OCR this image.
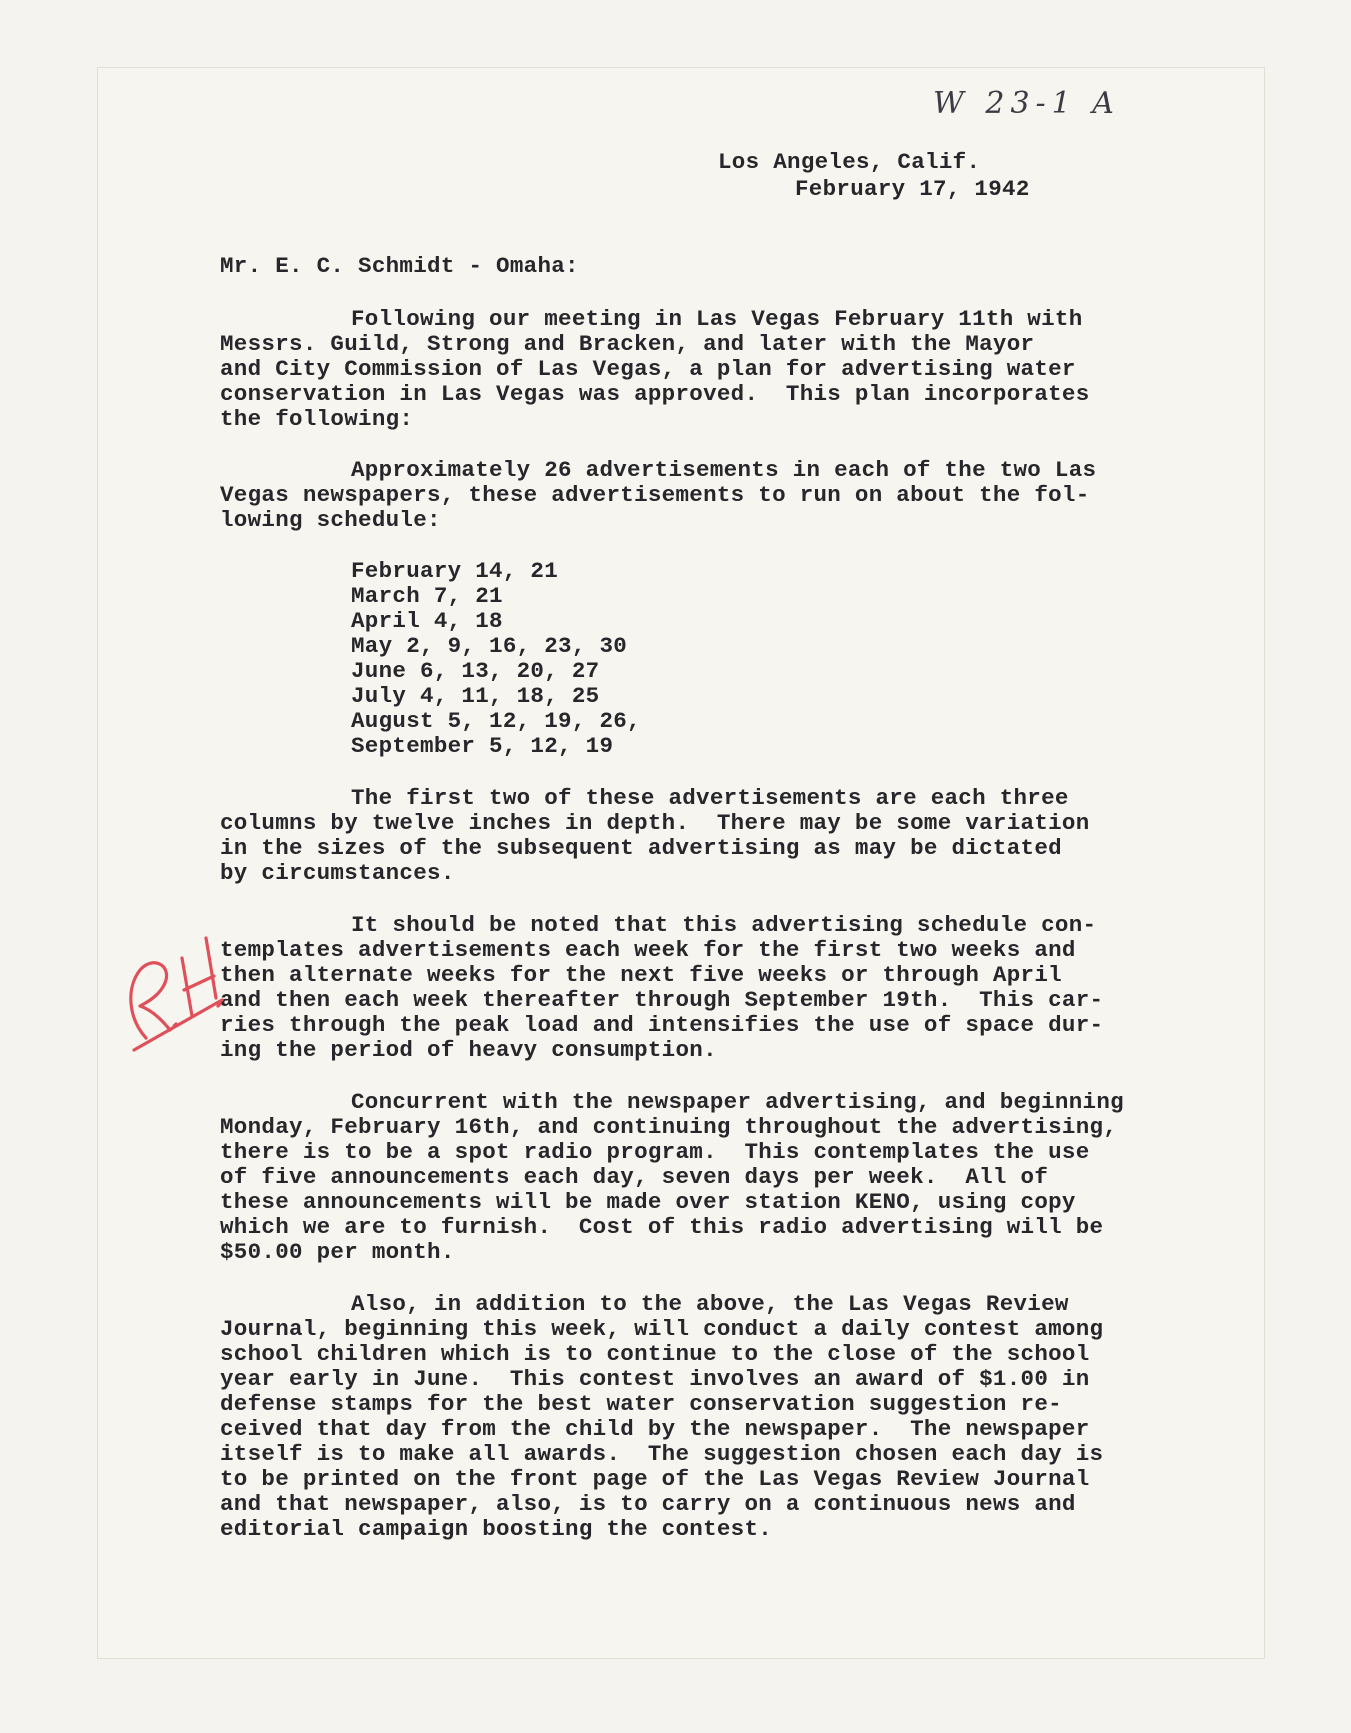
W 23-1 A
Los Angeles, Calif.
February 17, 1942
Mr. E. C. Schmidt - Omaha:
Following our meeting in Las Vegas February 11th with
Messrs. Guild, Strong and Bracken, and later with the Mayor
and City Commission of Las Vegas, a plan for advertising water
conservation in Las Vegas was approved.  This plan incorporates
the following:
Approximately 26 advertisements in each of the two Las
Vegas newspapers, these advertisements to run on about the fol-
lowing schedule:
February 14, 21
March 7, 21
April 4, 18
May 2, 9, 16, 23, 30
June 6, 13, 20, 27
July 4, 11, 18, 25
August 5, 12, 19, 26,
September 5, 12, 19
The first two of these advertisements are each three
columns by twelve inches in depth.  There may be some variation
in the sizes of the subsequent advertising as may be dictated
by circumstances.
It should be noted that this advertising schedule con-
templates advertisements each week for the first two weeks and
then alternate weeks for the next five weeks or through April
and then each week thereafter through September 19th.  This car-
ries through the peak load and intensifies the use of space dur-
ing the period of heavy consumption.
Concurrent with the newspaper advertising, and beginning
Monday, February 16th, and continuing throughout the advertising,
there is to be a spot radio program.  This contemplates the use
of five announcements each day, seven days per week.  All of
these announcements will be made over station KENO, using copy
which we are to furnish.  Cost of this radio advertising will be
$50.00 per month.
Also, in addition to the above, the Las Vegas Review
Journal, beginning this week, will conduct a daily contest among
school children which is to continue to the close of the school
year early in June.  This contest involves an award of $1.00 in
defense stamps for the best water conservation suggestion re-
ceived that day from the child by the newspaper.  The newspaper
itself is to make all awards.  The suggestion chosen each day is
to be printed on the front page of the Las Vegas Review Journal
and that newspaper, also, is to carry on a continuous news and
editorial campaign boosting the contest.
